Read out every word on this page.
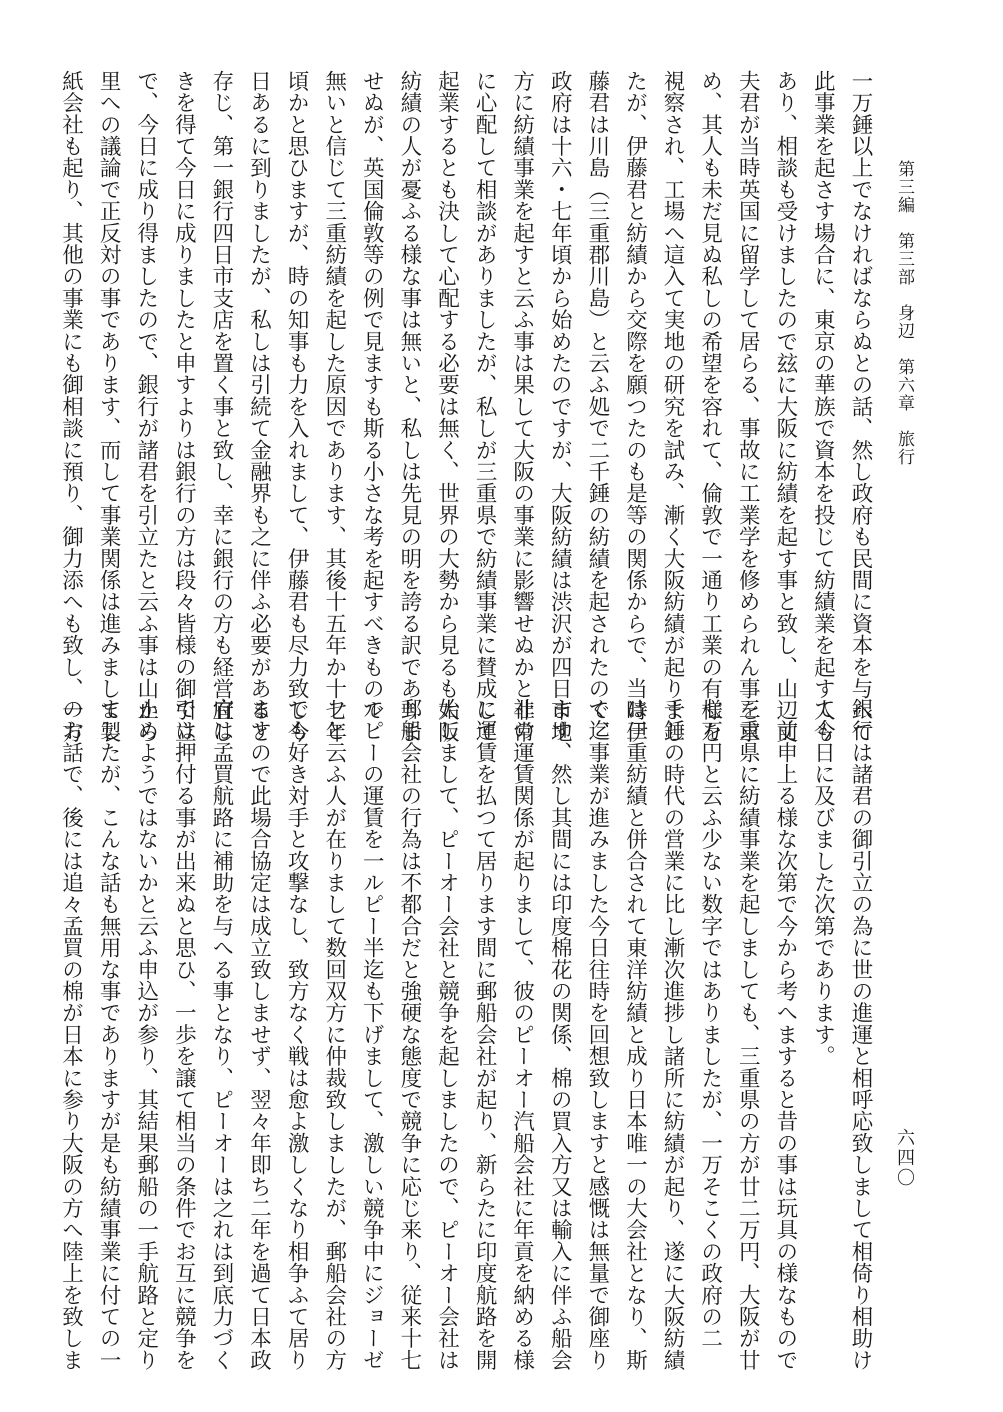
第三編　第三部　身辺　第六章　旅行
六四〇
一万錘以上でなければならぬとの話、然し政府も民間に資本を与へて
此事業を起さす場合に、東京の華族で資本を投じて紡績業を起す人も
あり、相談も受けましたので玆に大阪に紡績を起す事と致し、山辺丈
夫君が当時英国に留学して居らる、事故に工業学を修められん事を求
め、其人も未だ見ぬ私しの希望を容れて、倫敦で一通り工業の有様を
視察され、工場へ這入て実地の研究を試み、漸く大阪紡績が起りまし
たが、伊藤君と紡績から交際を願つたのも是等の関係からで、当時伊
藤君は川島（三重郡川島）と云ふ処で二千錘の紡績を起されたので、
政府は十六・七年頃から始めたのですが、大阪紡績は渋沢が四日市地
方に紡績事業を起すと云ふ事は果して大阪の事業に影響せぬかと非常
に心配して相談がありましたが、私しが三重県で紡績事業に賛成して
起業するとも決して心配する必要は無く、世界の大勢から見るも大阪
紡績の人が憂ふる様な事は無いと、私しは先見の明を誇る訳でありま
せぬが、英国倫敦等の例で見ますも斯る小さな考を起すべきもので
無いと信じて三重紡績を起した原因であります、其後十五年か十七年
頃かと思ひますが、時の知事も力を入れまして、伊藤君も尽力致し今
日あるに到りましたが、私しは引続て金融界も之に伴ふ必要があると
存じ、第一銀行四日市支店を置く事と致し、幸に銀行の方も経営宜し
きを得て今日に成りましたと申すよりは銀行の方は段々皆様の御引立
で、今日に成り得ましたので、銀行が諸君を引立たと云ふ事は山から
里への議論で正反対の事であります、而して事業関係は進みまして製
紙会社も起り、其他の事業にも御相談に預り、御力添へも致し、一方
銀行は諸君の御引立の為に世の進運と相呼応致しまして相倚り相助け
て今日に及びました次第であります。
　前申上る様な次第で今から考へますると昔の事は玩具の様なもので
三重県に紡績事業を起しましても、三重県の方が廿二万円、大阪が廿
七万円と云ふ少ない数字ではありましたが、一万そこくの政府の二
千錘の時代の営業に比し漸次進捗し諸所に紡績が起り、遂に大阪紡績
は三重紡績と併合されて東洋紡績と成り日本唯一の大会社となり、斯
く迄事業が進みました今日往時を回想致しますと感慨は無量で御座り
ます、然し其間には印度棉花の関係、棉の買入方又は輸入に伴ふ船会
社の運賃関係が起りまして、彼のピーオー汽船会社に年貢を納める様
に運賃を払つて居ります間に郵船会社が起り、新らたに印度航路を開
始しまして、ピーオー会社と競争を起しましたので、ピーオー会社は
郵船会社の行為は不都合だと強硬な態度で競争に応じ来り、従来十七
ルピーの運賃を一ルピー半迄も下げまして、激しい競争中にジョーゼ
フと云ふ人が在りまして数回双方に仲裁致しましたが、郵船会社の方
でも好き対手と攻撃なし、致方なく戦は愈よ激しくなり相争ふて居り
ますので此場合協定は成立致しませず、翌々年即ち二年を過て日本政
府は孟買航路に補助を与へる事となり、ピーオーは之れは到底力づく
では押付る事が出来ぬと思ひ、一歩を譲て相当の条件でお互に競争を
止めようではないかと云ふ申込が参り、其結果郵船の一手航路と定り
ましたが、こんな話も無用な事でありますが是も紡績事業に付ての一
のお話で、後には追々孟買の棉が日本に参り大阪の方へ陸上を致しま
